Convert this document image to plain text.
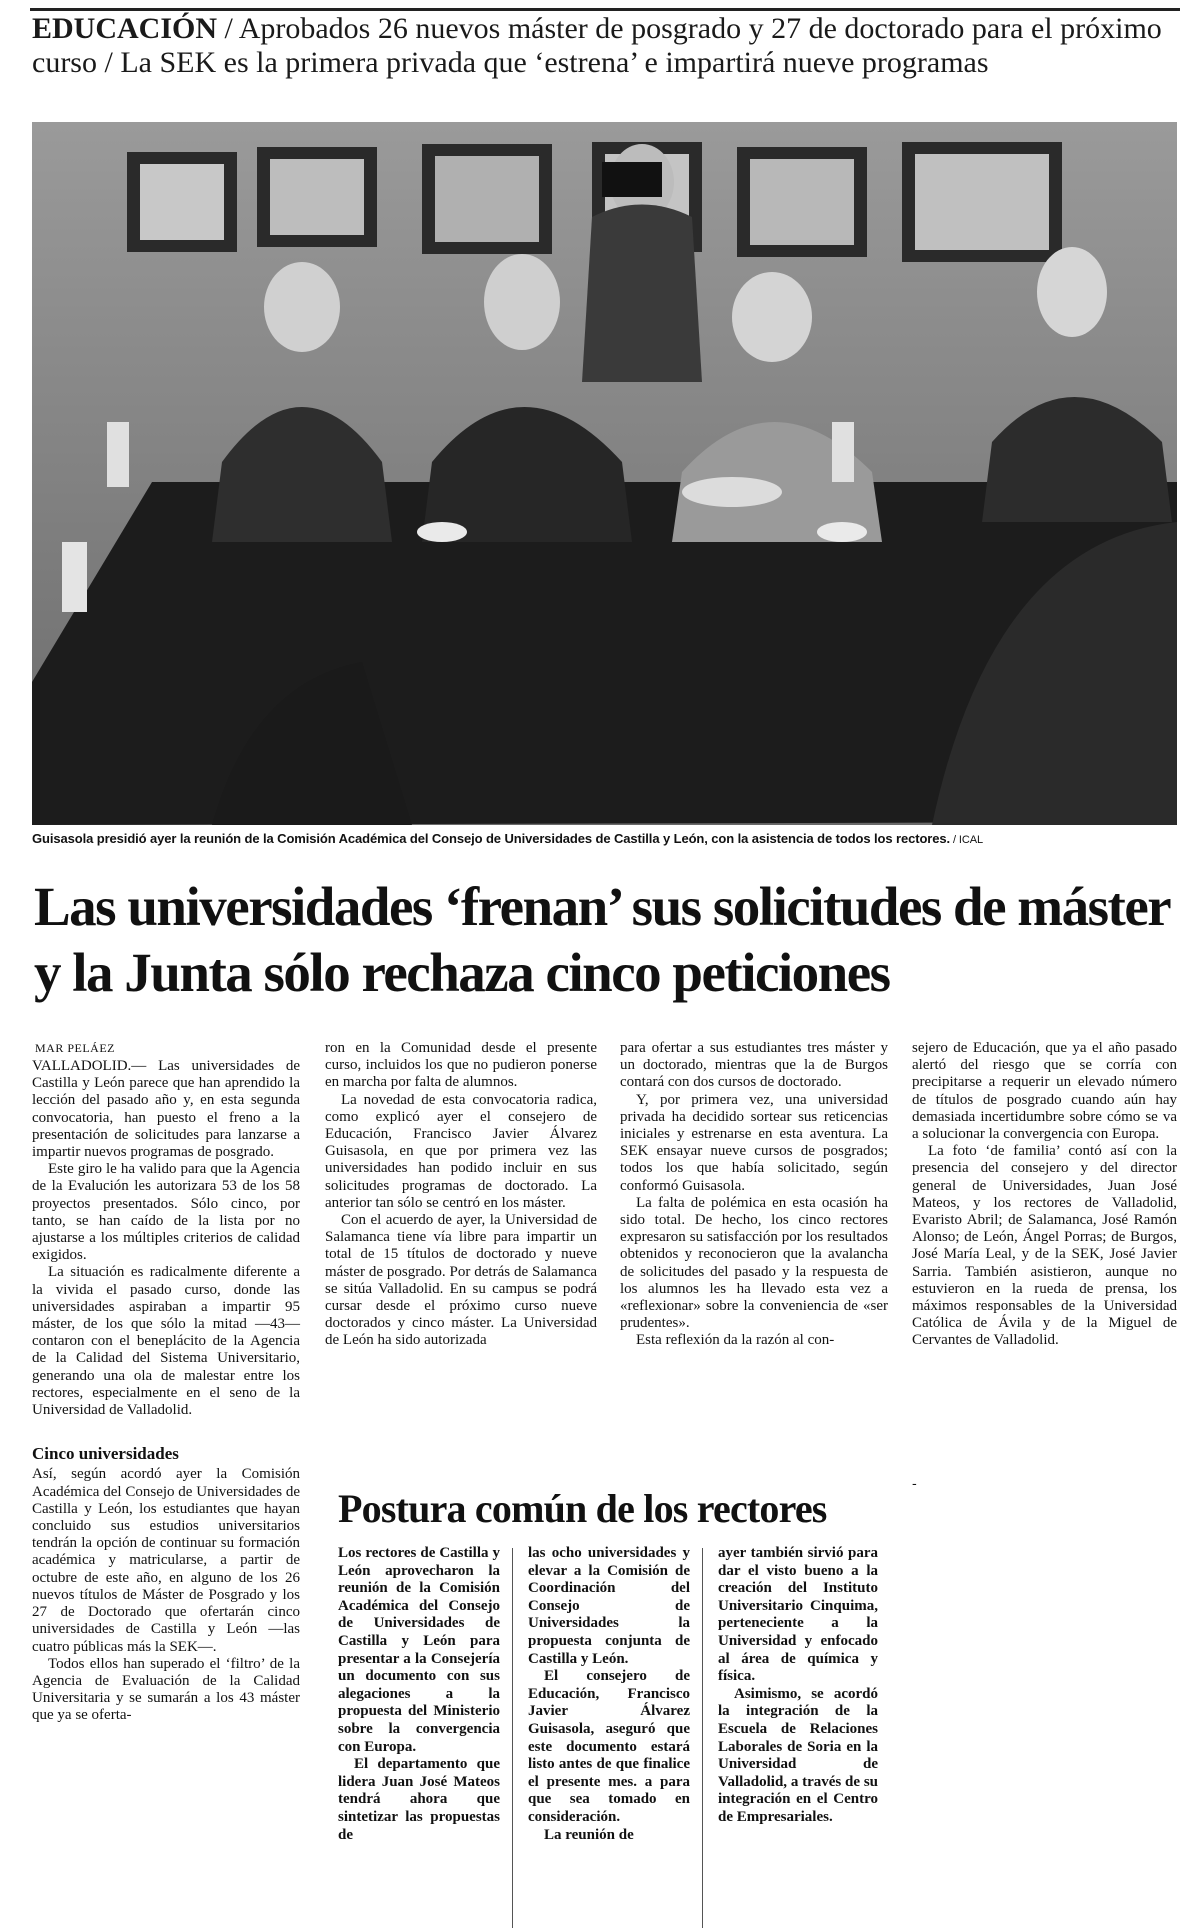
EDUCACIÓN / Aprobados 26 nuevos máster de posgrado y 27 de doctorado para el próximo curso / La SEK es la primera privada que ‘estrena’ e impartirá nueve programas
Guisasola presidió ayer la reunión de la Comisión Académica del Consejo de Universidades de Castilla y León, con la asistencia de todos los rectores. / ICAL
Las universidades ‘frenan’ sus solicitudes de máster y la Junta sólo rechaza cinco peticiones
MAR PELÁEZ

VALLADOLID.— Las universidades de Castilla y León parece que han aprendido la lección del pasado año y, en esta segunda convocatoria, han puesto el freno a la presentación de solicitudes para lanzarse a impartir nuevos programas de posgrado.

Este giro le ha valido para que la Agencia de la Evalución les autorizara 53 de los 58 proyectos presentados. Sólo cinco, por tanto, se han caído de la lista por no ajustarse a los múltiples criterios de calidad exigidos.

La situación es radicalmente diferente a la vivida el pasado curso, donde las universidades aspiraban a impartir 95 máster, de los que sólo la mitad —43— contaron con el beneplácito de la Agencia de la Calidad del Sistema Universitario, generando una ola de malestar entre los rectores, especialmente en el seno de la Universidad de Valladolid.

Cinco universidades

Así, según acordó ayer la Comisión Académica del Consejo de Universidades de Castilla y León, los estudiantes que hayan concluido sus estudios universitarios tendrán la opción de continuar su formación académica y matricularse, a partir de octubre de este año, en alguno de los 26 nuevos títulos de Máster de Posgrado y los 27 de Doctorado que ofertarán cinco universidades de Castilla y León —las cuatro públicas más la SEK—.

Todos ellos han superado el ‘filtro’ de la Agencia de Evaluación de la Calidad Universitaria y se sumarán a los 43 máster que ya se oferta-

ron en la Comunidad desde el presente curso, incluidos los que no pudieron ponerse en marcha por falta de alumnos.

La novedad de esta convocatoria radica, como explicó ayer el consejero de Educación, Francisco Javier Álvarez Guisasola, en que por primera vez las universidades han podido incluir en sus solicitudes programas de doctorado. La anterior tan sólo se centró en los máster.

Con el acuerdo de ayer, la Universidad de Salamanca tiene vía libre para impartir un total de 15 títulos de doctorado y nueve máster de posgrado. Por detrás de Salamanca se sitúa Valladolid. En su campus se podrá cursar desde el próximo curso nueve doctorados y cinco máster. La Universidad de León ha sido autorizada

para ofertar a sus estudiantes tres máster y un doctorado, mientras que la de Burgos contará con dos cursos de doctorado.

Y, por primera vez, una universidad privada ha decidido sortear sus reticencias iniciales y estrenarse en esta aventura. La SEK ensayar nueve cursos de posgrados; todos los que había solicitado, según conformó Guisasola.

La falta de polémica en esta ocasión ha sido total. De hecho, los cinco rectores expresaron su satisfacción por los resultados obtenidos y reconocieron que la avalancha de solicitudes del pasado y la respuesta de los alumnos les ha llevado esta vez a «reflexionar» sobre la conveniencia de «ser prudentes».

Esta reflexión da la razón al con-

sejero de Educación, que ya el año pasado alertó del riesgo que se corría con precipitarse a requerir un elevado número de títulos de posgrado cuando aún hay demasiada incertidumbre sobre cómo se va a solucionar la convergencia con Europa.

La foto ‘de familia’ contó así con la presencia del consejero y del director general de Universidades, Juan José Mateos, y los rectores de Valladolid, Evaristo Abril; de Salamanca, José Ramón Alonso; de León, Ángel Porras; de Burgos, José María Leal, y de la SEK, José Javier Sarria. También asistieron, aunque no estuvieron en la rueda de prensa, los máximos responsables de la Universidad Católica de Ávila y de la Miguel de Cervantes de Valladolid.

-
Postura común de los rectores

Los rectores de Castilla y León aprovecharon la reunión de la Comisión Académica del Consejo de Universidades de Castilla y León para presentar a la Consejería un documento con sus alegaciones a la propuesta del Ministerio sobre la convergencia con Europa.

El departamento que lidera Juan José Mateos tendrá ahora que sintetizar las propuestas de

las ocho universidades y elevar a la Comisión de Coordinación del Consejo de Universidades la propuesta conjunta de Castilla y León.

El consejero de Educación, Francisco Javier Álvarez Guisasola, aseguró que este documento estará listo antes de que finalice el presente mes. a para que sea tomado en consideración.

La reunión de

ayer también sirvió para dar el visto bueno a la creación del Instituto Universitario Cinquima, perteneciente a la Universidad y enfocado al área de química y física.

Asimismo, se acordó la integración de la Escuela de Relaciones Laborales de Soria en la Universidad de Valladolid, a través de su integración en el Centro de Empresariales.
